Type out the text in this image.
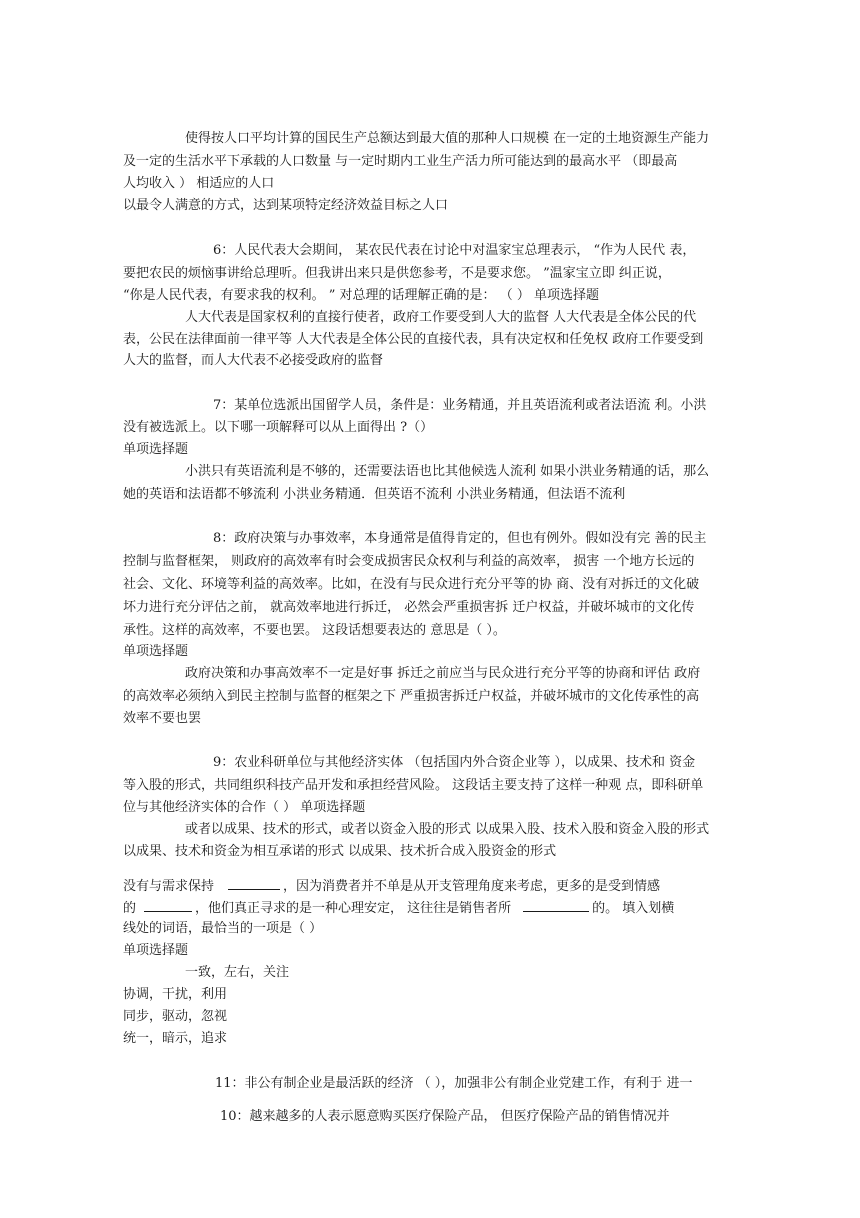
使得按人口平均计算的国民生产总额达到最大值的那种人口规模 在一定的土地资源生产能力

及一定的生活水平下承载的人口数量 与一定时期内工业生产活力所可能达到的最高水平 （即最高

人均收入 ） 相适应的人口

以最令人满意的方式，达到某项特定经济效益目标之人口

6：人民代表大会期间， 某农民代表在讨论中对温家宝总理表示， “作为人民代 表，

要把农民的烦恼事讲给总理听。但我讲出来只是供您参考，不是要求您。 ”温家宝立即 纠正说，

“你是人民代表，有要求我的权利。 ” 对总理的话理解正确的是： （ ） 单项选择题

人大代表是国家权利的直接行使者，政府工作要受到人大的监督 人大代表是全体公民的代

表，公民在法律面前一律平等 人大代表是全体公民的直接代表，具有决定权和任免权 政府工作要受到

人大的监督，而人大代表不必接受政府的监督

7：某单位选派出国留学人员，条件是：业务精通，并且英语流利或者法语流 利。小洪

没有被选派上。以下哪一项解释可以从上面得出 ?（）

单项选择题

小洪只有英语流利是不够的，还需要法语也比其他候选人流利 如果小洪业务精通的话，那么

她的英语和法语都不够流利 小洪业务精通．但英语不流利 小洪业务精通，但法语不流利

8：政府决策与办事效率，本身通常是值得肯定的，但也有例外。假如没有完 善的民主

控制与监督框架， 则政府的高效率有时会变成损害民众权利与利益的高效率， 损害 一个地方长远的

社会、文化、环境等利益的高效率。比如，在没有与民众进行充分平等的协 商、没有对拆迁的文化破

坏力进行充分评估之前， 就高效率地进行拆迁， 必然会严重损害拆 迁户权益，并破坏城市的文化传

承性。这样的高效率，不要也罢。 这段话想要表达的 意思是（ ）。

单项选择题

政府决策和办事高效率不一定是好事 拆迁之前应当与民众进行充分平等的协商和评估 政府

的高效率必须纳入到民主控制与监督的框架之下 严重损害拆迁户权益，并破坏城市的文化传承性的高

效率不要也罢

9：农业科研单位与其他经济实体 （包括国内外合资企业等 ），以成果、技术和 资金

等入股的形式，共同组织科技产品开发和承担经营风险。 这段话主要支持了这样一种观 点，即科研单

位与其他经济实体的合作（ ） 单项选择题

或者以成果、技术的形式，或者以资金入股的形式 以成果入股、技术入股和资金入股的形式

以成果、技术和资金为相互承诺的形式 以成果、技术折合成入股资金的形式

没有与需求保持	，因为消费者并不单是从开支管理角度来考虑，更多的是受到情感

的	，他们真正寻求的是一种心理安定， 这往往是销售者所	的。 填入划横

线处的词语，最恰当的一项是（ ）

单项选择题

一致，左右，关注

协调，干扰，利用

同步，驱动，忽视

统一，暗示，追求

11：非公有制企业是最活跃的经济 （ ），加强非公有制企业党建工作，有利于 进一

10：越来越多的人表示愿意购买医疗保险产品， 但医疗保险产品的销售情况并
